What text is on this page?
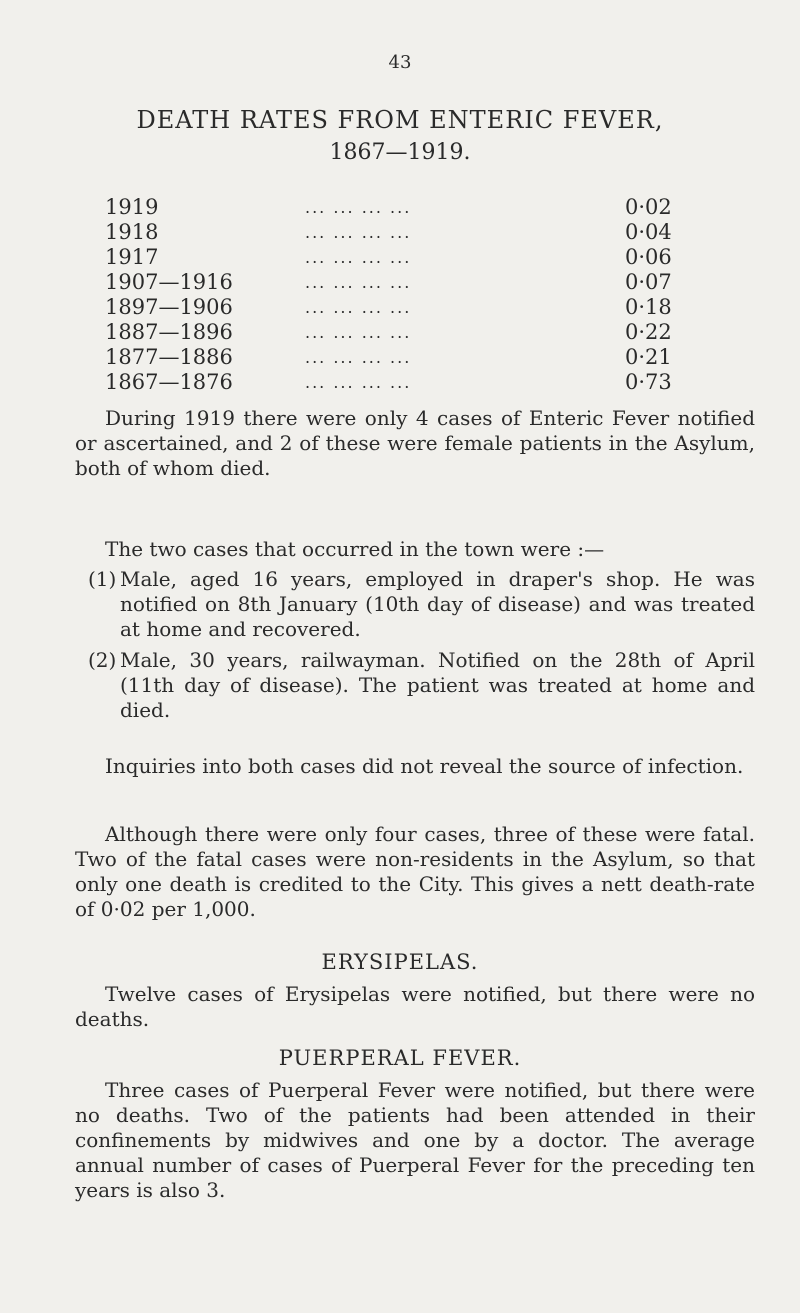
43
DEATH RATES FROM ENTERIC FEVER,
1867—1919.
1919	... ... ... ...	0·02
1918	... ... ... ...	0·04
1917	... ... ... ...	0·06
1907—1916	... ... ... ...	0·07
1897—1906	... ... ... ...	0·18
1887—1896	... ... ... ...	0·22
1877—1886	... ... ... ...	0·21
1867—1876	... ... ... ...	0·73

During 1919 there were only 4 cases of Enteric Fever notified or ascertained, and 2 of these were female patients in the Asylum, both of whom died.

The two cases that occurred in the town were :—

(1) Male, aged 16 years, employed in draper's shop. He was notified on 8th January (10th day of disease) and was treated at home and recovered.
(2) Male, 30 years, railwayman. Notified on the 28th of April (11th day of disease). The patient was treated at home and died.

Inquiries into both cases did not reveal the source of infection.

Although there were only four cases, three of these were fatal. Two of the fatal cases were non-residents in the Asylum, so that only one death is credited to the City. This gives a nett death-rate of 0·02 per 1,000.

ERYSIPELAS.

Twelve cases of Erysipelas were notified, but there were no deaths.

PUERPERAL FEVER.

Three cases of Puerperal Fever were notified, but there were no deaths. Two of the patients had been attended in their confinements by midwives and one by a doctor. The average annual number of cases of Puerperal Fever for the preceding ten years is also 3.
